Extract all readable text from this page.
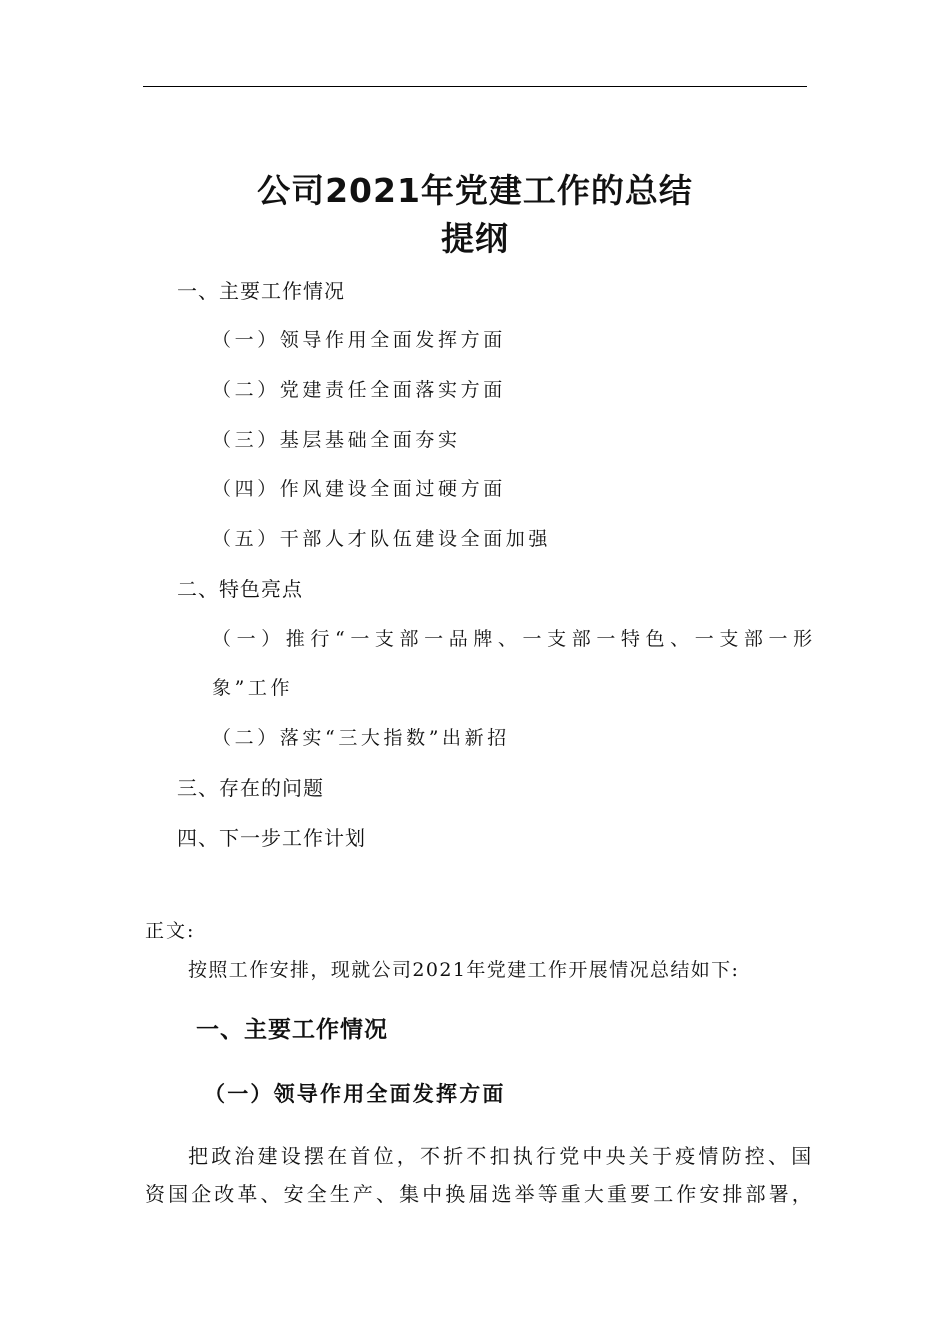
公司2021年党建工作的总结
提纲
一、主要工作情况
（一）领导作用全面发挥方面
（二）党建责任全面落实方面
（三）基层基础全面夯实
（四）作风建设全面过硬方面
（五）干部人才队伍建设全面加强
二、特色亮点
（一）推行“一支部一品牌、一支部一特色、一支部一形
象”工作
（二）落实“三大指数”出新招
三、存在的问题
四、下一步工作计划
正文:
按照工作安排，现就公司2021年党建工作开展情况总结如下:
一、主要工作情况
（一）领导作用全面发挥方面
把政治建设摆在首位，不折不扣执行党中央关于疫情防控、国
资国企改革、安全生产、集中换届选举等重大重要工作安排部署，
